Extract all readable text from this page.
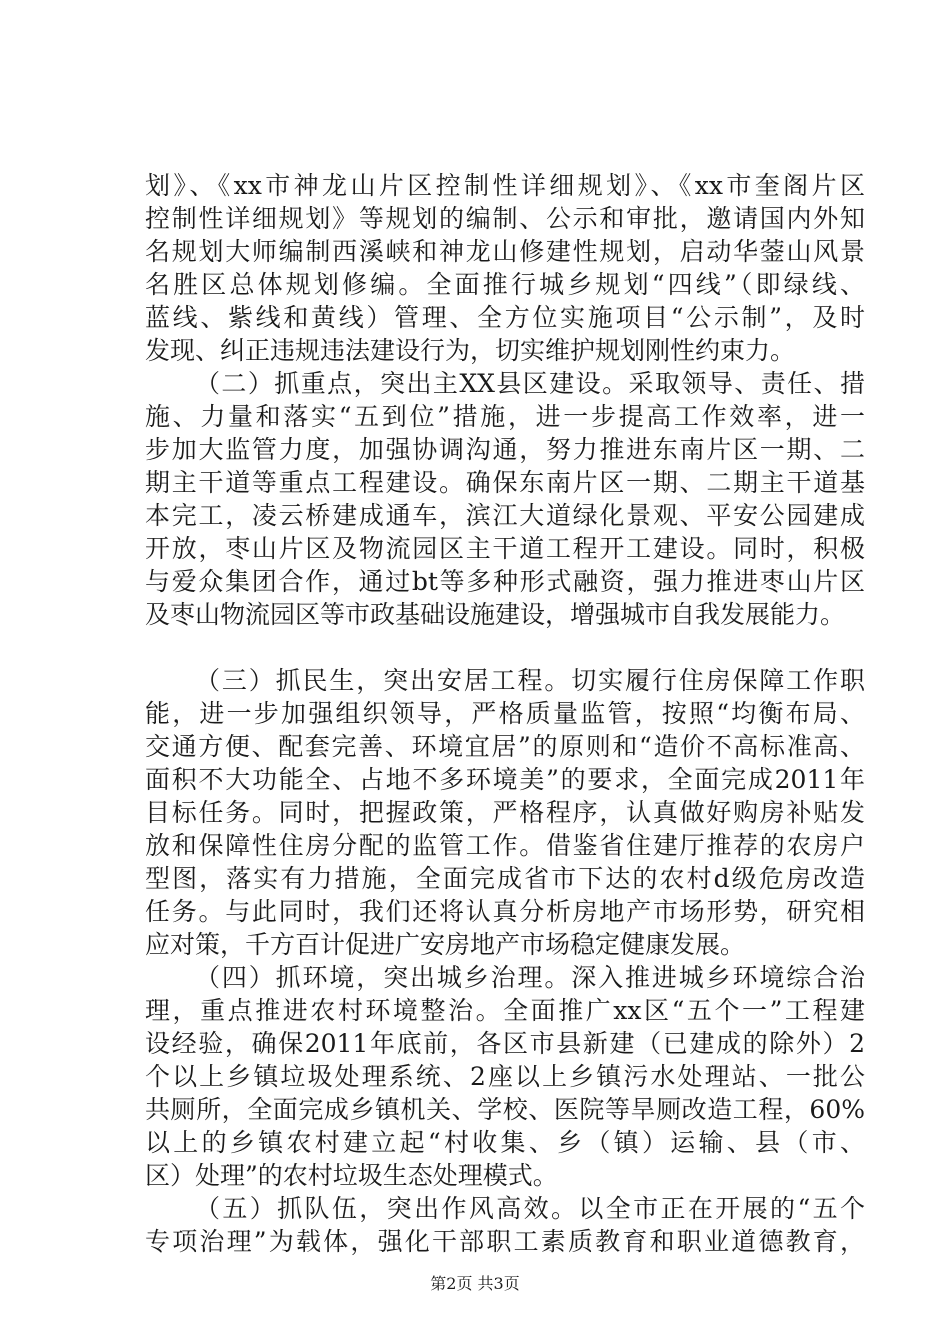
划》、《xx市神龙山片区控制性详细规划》、《xx市奎阁片区
控制性详细规划》等规划的编制、公示和审批，邀请国内外知
名规划大师编制西溪峡和神龙山修建性规划，启动华蓥山风景
名胜区总体规划修编。全面推行城乡规划“四线”（即绿线、
蓝线、紫线和黄线）管理、全方位实施项目“公示制”，及时
发现、纠正违规违法建设行为，切实维护规划刚性约束力。
（二）抓重点，突出主XX县区建设。采取领导、责任、措
施、力量和落实“五到位”措施，进一步提高工作效率，进一
步加大监管力度，加强协调沟通，努力推进东南片区一期、二
期主干道等重点工程建设。确保东南片区一期、二期主干道基
本完工，凌云桥建成通车，滨江大道绿化景观、平安公园建成
开放，枣山片区及物流园区主干道工程开工建设。同时，积极
与爱众集团合作，通过bt等多种形式融资，强力推进枣山片区
及枣山物流园区等市政基础设施建设，增强城市自我发展能力。
（三）抓民生，突出安居工程。切实履行住房保障工作职
能，进一步加强组织领导，严格质量监管，按照“均衡布局、
交通方便、配套完善、环境宜居”的原则和“造价不高标准高、
面积不大功能全、占地不多环境美”的要求，全面完成2011年
目标任务。同时，把握政策，严格程序，认真做好购房补贴发
放和保障性住房分配的监管工作。借鉴省住建厅推荐的农房户
型图，落实有力措施，全面完成省市下达的农村d级危房改造
任务。与此同时，我们还将认真分析房地产市场形势，研究相
应对策，千方百计促进广安房地产市场稳定健康发展。
（四）抓环境，突出城乡治理。深入推进城乡环境综合治
理，重点推进农村环境整治。全面推广xx区“五个一”工程建
设经验，确保2011年底前，各区市县新建（已建成的除外）2
个以上乡镇垃圾处理系统、2座以上乡镇污水处理站、一批公
共厕所，全面完成乡镇机关、学校、医院等旱厕改造工程，60%
以上的乡镇农村建立起“村收集、乡（镇）运输、县（市、
区）处理”的农村垃圾生态处理模式。
（五）抓队伍，突出作风高效。以全市正在开展的“五个
专项治理”为载体，强化干部职工素质教育和职业道德教育，
第2页 共3页
